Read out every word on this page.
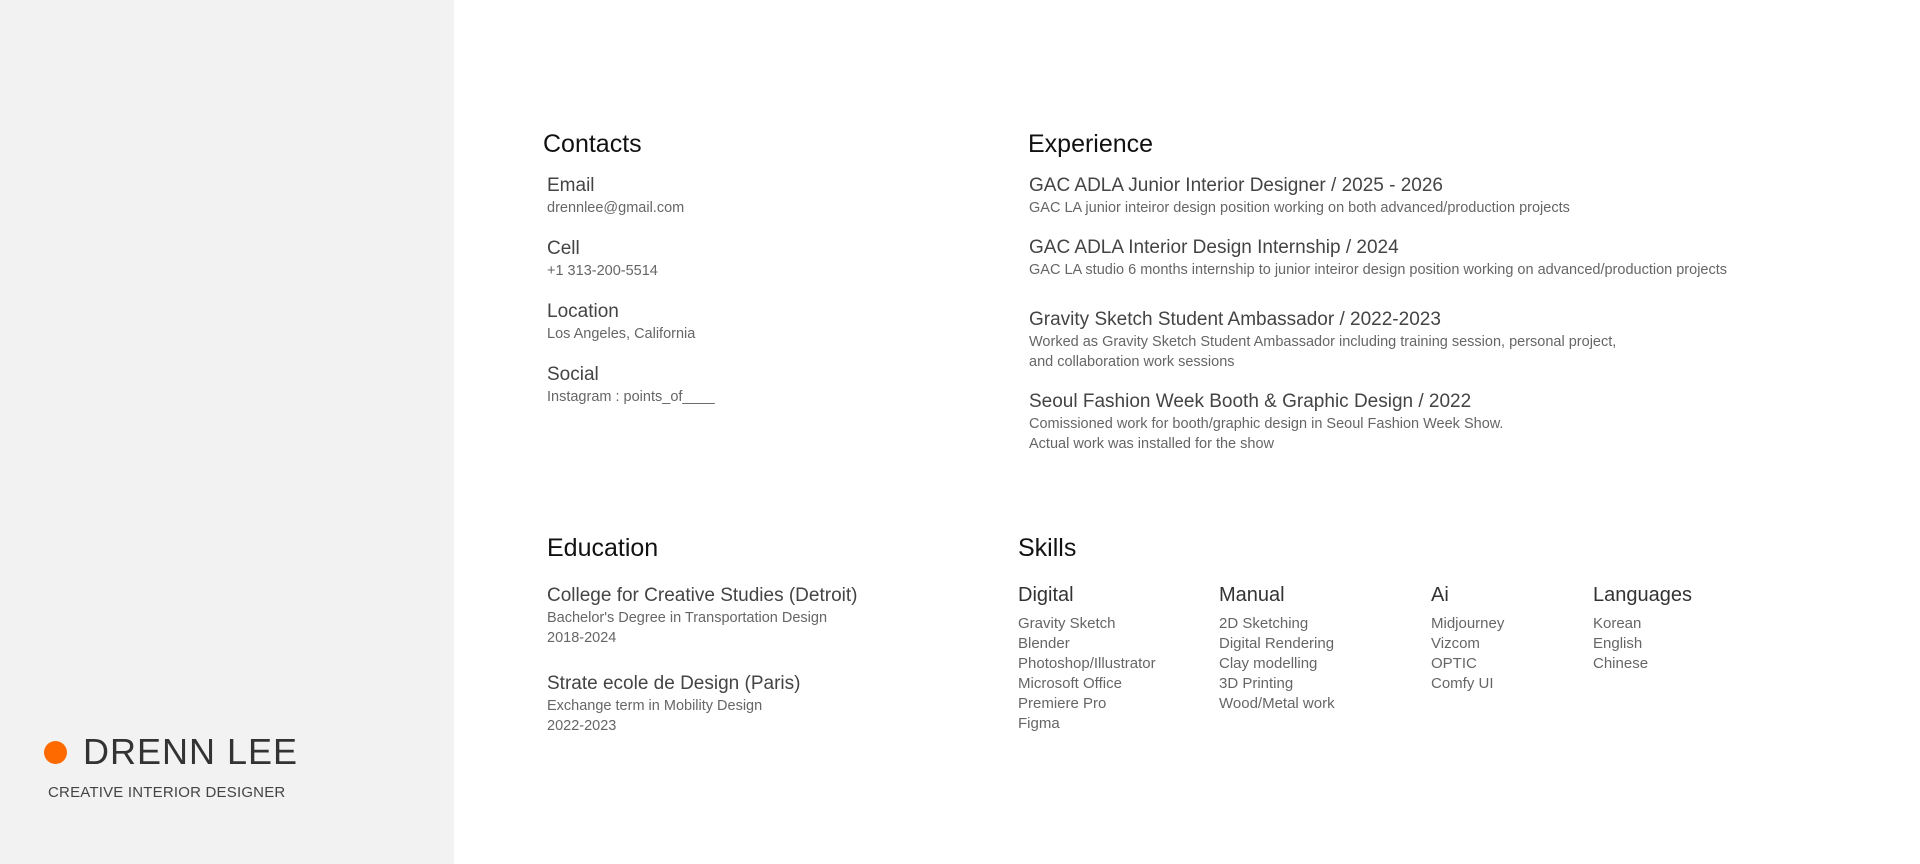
DRENN LEE
CREATIVE INTERIOR DESIGNER
Contacts
Email
drennlee@gmail.com
Cell
+1 313-200-5514
Location
Los Angeles, California
Social
Instagram : points_of____
Experience
GAC ADLA Junior Interior Designer / 2025 - 2026
GAC LA junior inteiror design position working on both advanced/production projects
GAC ADLA Interior Design Internship / 2024
GAC LA studio 6 months internship to junior inteiror design position working on advanced/production projects
Gravity Sketch Student Ambassador / 2022-2023
Worked as Gravity Sketch Student Ambassador including training session, personal project,
and collaboration work sessions
Seoul Fashion Week Booth & Graphic Design / 2022
Comissioned work for booth/graphic design in Seoul Fashion Week Show.
Actual work was installed for the show
Education
College for Creative Studies (Detroit)
Bachelor's Degree in Transportation Design
2018-2024
Strate ecole de Design (Paris)
Exchange term in Mobility Design
2022-2023
Skills
Digital
Gravity Sketch
Blender
Photoshop/Illustrator
Microsoft Office
Premiere Pro
Figma
Manual
2D Sketching
Digital Rendering
Clay modelling
3D Printing
Wood/Metal work
Ai
Midjourney
Vizcom
OPTIC
Comfy UI
Languages
Korean
English
Chinese
